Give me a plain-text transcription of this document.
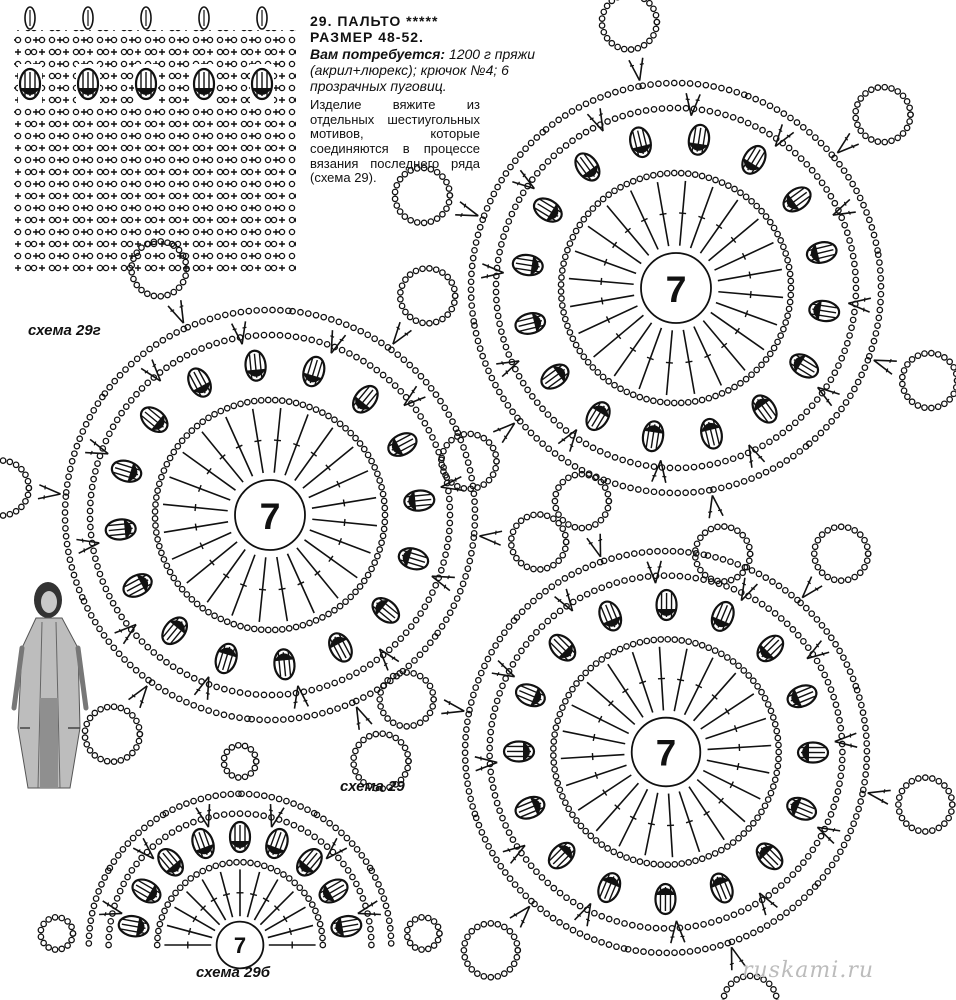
7
7
7
7

29. ПАЛЬТО *****

РАЗМЕР 48-52.

Вам потребуется: 1200 г пряжи (акрил+люрекс); крючок №4; 6 прозрачных пуговиц.

Изделие вяжите из отдельных шестиугольных мотивов, которые соединяются в процессе вязания последнего ряда (схема 29).

схема 29г
схема 29
схема 29б	ruskami.ru
